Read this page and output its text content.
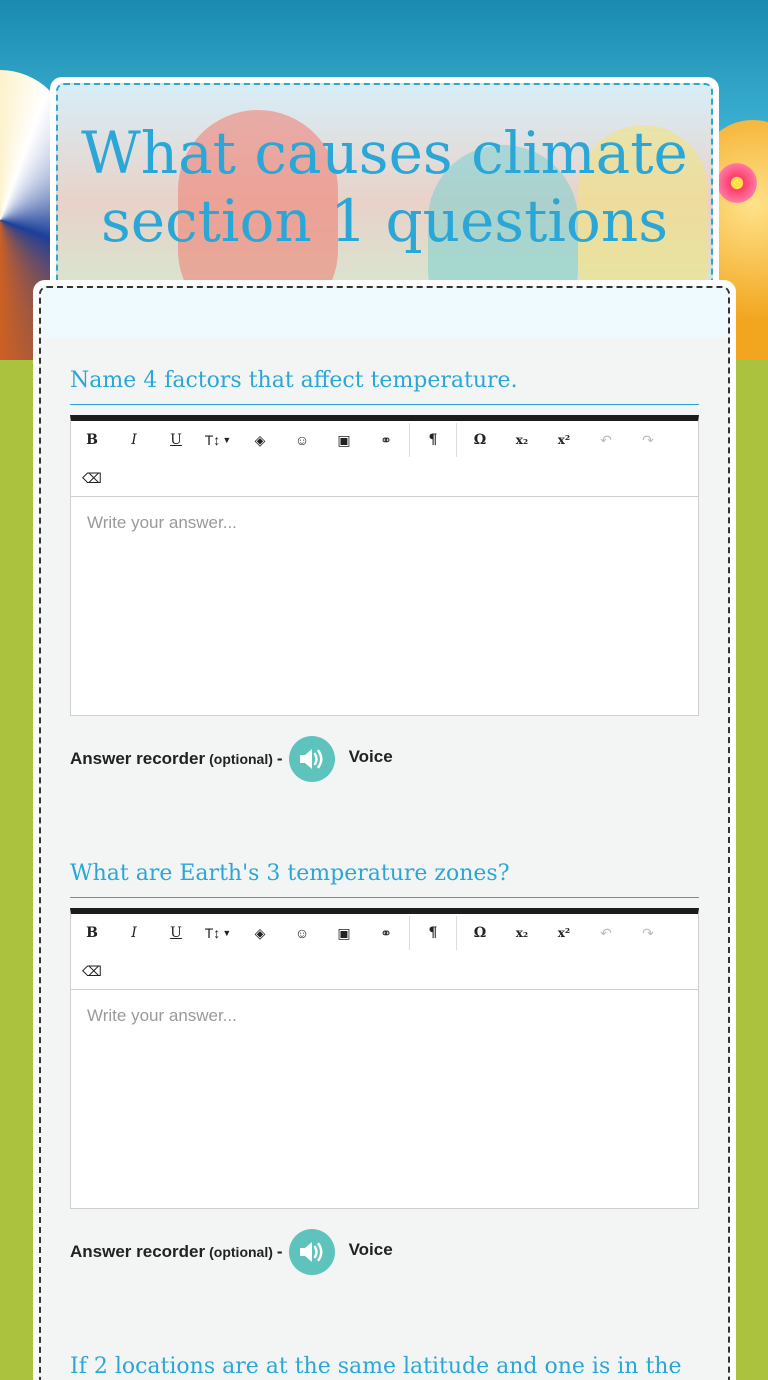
What causes climate section 1 questions
Name 4 factors that affect temperature.
B	I	U	T↕ ▼ ◈ ☺ ▣ ⚭	¶	Ω x₂ x² ↶ ↷
⌫
Write your answer...
Answer recorder (optional) -	Voice
What are Earth's 3 temperature zones?
B	I	U	T↕ ▼ ◈ ☺ ▣ ⚭	¶	Ω x₂ x² ↶ ↷
⌫
Write your answer...
Answer recorder (optional) -	Voice
If 2 locations are at the same latitude and one is in the
